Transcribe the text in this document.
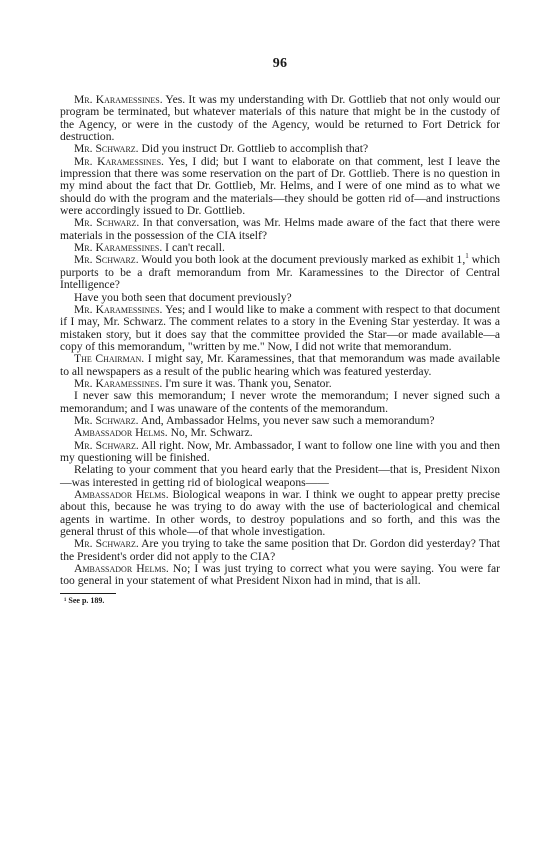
96

Mr. Karamessines. Yes. It was my understanding with Dr. Gottlieb that not only would our program be terminated, but whatever materials of this nature that might be in the custody of the Agency, or were in the custody of the Agency, would be returned to Fort Detrick for destruction.

Mr. Schwarz. Did you instruct Dr. Gottlieb to accomplish that?

Mr. Karamessines. Yes, I did; but I want to elaborate on that comment, lest I leave the impression that there was some reservation on the part of Dr. Gottlieb. There is no question in my mind about the fact that Dr. Gottlieb, Mr. Helms, and I were of one mind as to what we should do with the program and the materials—they should be gotten rid of—and instructions were accordingly issued to Dr. Gottlieb.

Mr. Schwarz. In that conversation, was Mr. Helms made aware of the fact that there were materials in the possession of the CIA itself?

Mr. Karamessines. I can't recall.

Mr. Schwarz. Would you both look at the document previously marked as exhibit 1,$^1$ which purports to be a draft memorandum from Mr. Karamessines to the Director of Central Intelligence?

Have you both seen that document previously?

Mr. Karamessines. Yes; and I would like to make a comment with respect to that document if I may, Mr. Schwarz. The comment relates to a story in the Evening Star yesterday. It was a mistaken story, but it does say that the committee provided the Star—or made available—a copy of this memorandum, "written by me." Now, I did not write that memorandum.

The Chairman. I might say, Mr. Karamessines, that that memorandum was made available to all newspapers as a result of the public hearing which was featured yesterday.

Mr. Karamessines. I'm sure it was. Thank you, Senator.

I never saw this memorandum; I never wrote the memorandum; I never signed such a memorandum; and I was unaware of the contents of the memorandum.

Mr. Schwarz. And, Ambassador Helms, you never saw such a memorandum?

Ambassador Helms. No, Mr. Schwarz.

Mr. Schwarz. All right. Now, Mr. Ambassador, I want to follow one line with you and then my questioning will be finished.

Relating to your comment that you heard early that the President—that is, President Nixon—was interested in getting rid of biological weapons——

Ambassador Helms. Biological weapons in war. I think we ought to appear pretty precise about this, because he was trying to do away with the use of bacteriological and chemical agents in wartime. In other words, to destroy populations and so forth, and this was the general thrust of this whole—of that whole investigation.

Mr. Schwarz. Are you trying to take the same position that Dr. Gordon did yesterday? That the President's order did not apply to the CIA?

Ambassador Helms. No; I was just trying to correct what you were saying. You were far too general in your statement of what President Nixon had in mind, that is all.

¹ See p. 189.
